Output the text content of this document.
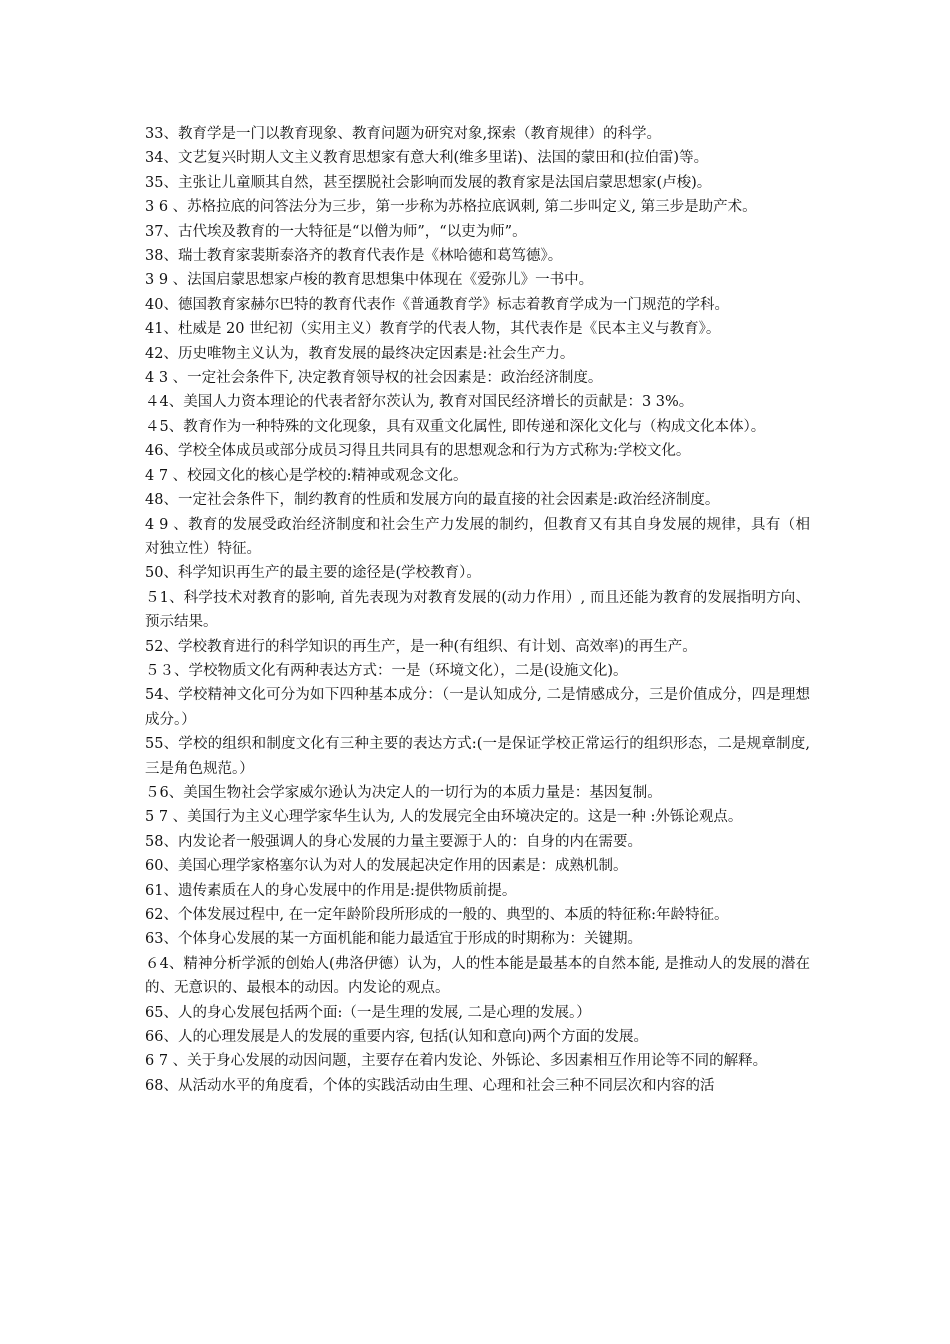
33、教育学是一门以教育现象、教育问题为研究对象,探索（教育规律）的科学。

34、文艺复兴时期人文主义教育思想家有意大利(维多里诺)、法国的蒙田和(拉伯雷)等。

35、主张让儿童顺其自然，甚至摆脱社会影响而发展的教育家是法国启蒙思想家(卢梭)。

3 6 、苏格拉底的问答法分为三步，第一步称为苏格拉底讽刺, 第二步叫定义, 第三步是助产术。

37、古代埃及教育的一大特征是“以僧为师”，“以吏为师”。

38、瑞士教育家裴斯泰洛齐的教育代表作是《林哈德和葛笃德》。

3 9 、法国启蒙思想家卢梭的教育思想集中体现在《爱弥儿》一书中。

40、德国教育家赫尔巴特的教育代表作《普通教育学》标志着教育学成为一门规范的学科。

41、杜威是 20 世纪初（实用主义）教育学的代表人物，其代表作是《民本主义与教育》。

42、历史唯物主义认为，教育发展的最终决定因素是:社会生产力。

4 3 、一定社会条件下, 决定教育领导权的社会因素是：政治经济制度。

４4、美国人力资本理论的代表者舒尔茨认为, 教育对国民经济增长的贡献是：3 3%。

４5、教育作为一种特殊的文化现象，具有双重文化属性, 即传递和深化文化与（构成文化本体）。

46、学校全体成员或部分成员习得且共同具有的思想观念和行为方式称为:学校文化。

4 7 、校园文化的核心是学校的:精神或观念文化。

48、一定社会条件下，制约教育的性质和发展方向的最直接的社会因素是:政治经济制度。

4 9 、教育的发展受政治经济制度和社会生产力发展的制约，但教育又有其自身发展的规律，具有（相对独立性）特征。

50、科学知识再生产的最主要的途径是(学校教育）。

５1、科学技术对教育的影响, 首先表现为对教育发展的(动力作用）, 而且还能为教育的发展指明方向、预示结果。

52、学校教育进行的科学知识的再生产，是一种(有组织、有计划、高效率)的再生产。

５３、学校物质文化有两种表达方式：一是（环境文化），二是(设施文化)。

54、学校精神文化可分为如下四种基本成分：（一是认知成分, 二是情感成分，三是价值成分，四是理想成分。）

55、学校的组织和制度文化有三种主要的表达方式:(一是保证学校正常运行的组织形态，二是规章制度, 三是角色规范。）

５6、美国生物社会学家威尔逊认为决定人的一切行为的本质力量是：基因复制。

5 7 、美国行为主义心理学家华生认为, 人的发展完全由环境决定的。这是一种 :外铄论观点。

58、内发论者一般强调人的身心发展的力量主要源于人的：自身的内在需要。

60、美国心理学家格塞尔认为对人的发展起决定作用的因素是：成熟机制。

61、遗传素质在人的身心发展中的作用是:提供物质前提。

62、个体发展过程中, 在一定年龄阶段所形成的一般的、典型的、本质的特征称:年龄特征。

63、个体身心发展的某一方面机能和能力最适宜于形成的时期称为：关键期。

６4、精神分析学派的创始人(弗洛伊德）认为，人的性本能是最基本的自然本能, 是推动人的发展的潜在的、无意识的、最根本的动因。内发论的观点。

65、人的身心发展包括两个面:（一是生理的发展, 二是心理的发展。）

66、人的心理发展是人的发展的重要内容, 包括(认知和意向)两个方面的发展。

6 7 、关于身心发展的动因问题，主要存在着内发论、外铄论、多因素相互作用论等不同的解释。

68、从活动水平的角度看，个体的实践活动由生理、心理和社会三种不同层次和内容的活
